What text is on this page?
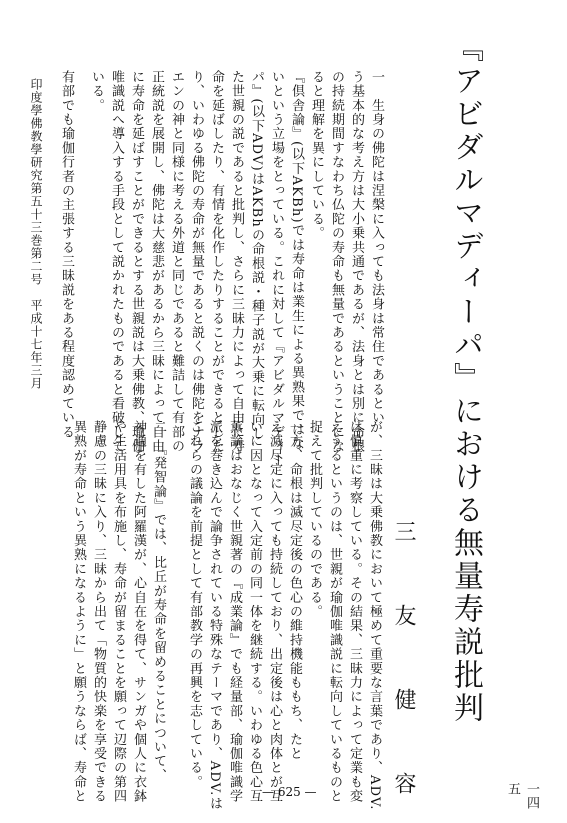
『アビダルマディーパ』における無量寿説批判
三　友　健　容
一　生身の佛陀は涅槃に入っても法身は常住であるとい
う基本的な考え方は大小乗共通であるが、法身とは別に命根
の持続期間すなわち仏陀の寿命も無量であるということにな
ると理解を異にしている。
『倶舎論』(以下AKBh)では寿命は業生による異熟果ではな
いという立場をとっている。これに対して『アビダルマディー
パ』(以下ADV)はAKBhの命根説・種子説が大乗に転向し
た世親の説であると批判し、さらに三昧力によって自由に寿
命を延ばしたり、有情を化作したりすることができるとした
り、いわゆる佛陀の寿命が無量であると説くのは佛陀をナラ
エンの神と同様に考える外道と同じであると難詰して有部の
正統説を展開し、佛陀は大慈悲があるから三昧によって自由
に寿命を延ばすことができるとする世親説は大乗佛教、瑜伽
唯識説へ導入する手段として説かれたものであると看破して
いる。
有部でも瑜伽行者の主張する三昧説をある程度認めている
が、三昧は大乗佛教において極めて重要な言葉であり、ADV.
は慎重に考察している。その結果、三昧力によって定業も変
えうるというのは、世親が瑜伽唯識説に転向しているものと
捉えて批判しているのである。
一方、命根は滅尽定後の色心の維持機能ももち、たと
え滅尽定に入っても持続しており、出定後は心と肉体とが互
いに因となって入定前の同一体を継続する。いわゆる色心互
薫論はおなじく世親著の『成業論』でも経量部、瑜伽唯識学
派を巻き込んで論争されている特殊なテーマであり、ADV.は
これらの議論を前提として有部教学の再興を志している。
二　『発智論』では、比丘が寿命を留めることについて、
神通を有した阿羅漢が、心自在を得て、サンガや個人に衣鉢
や生活用具を布施し、寿命が留まることを願って辺際の第四
静慮の三昧に入り、三昧から出て「物質的快楽を享受できる
異熟が寿命という異熟になるように」と願うならば、寿命と
印度學佛教學研究第五十三巻第二号　平成十七年三月
一四五
— 625 —
